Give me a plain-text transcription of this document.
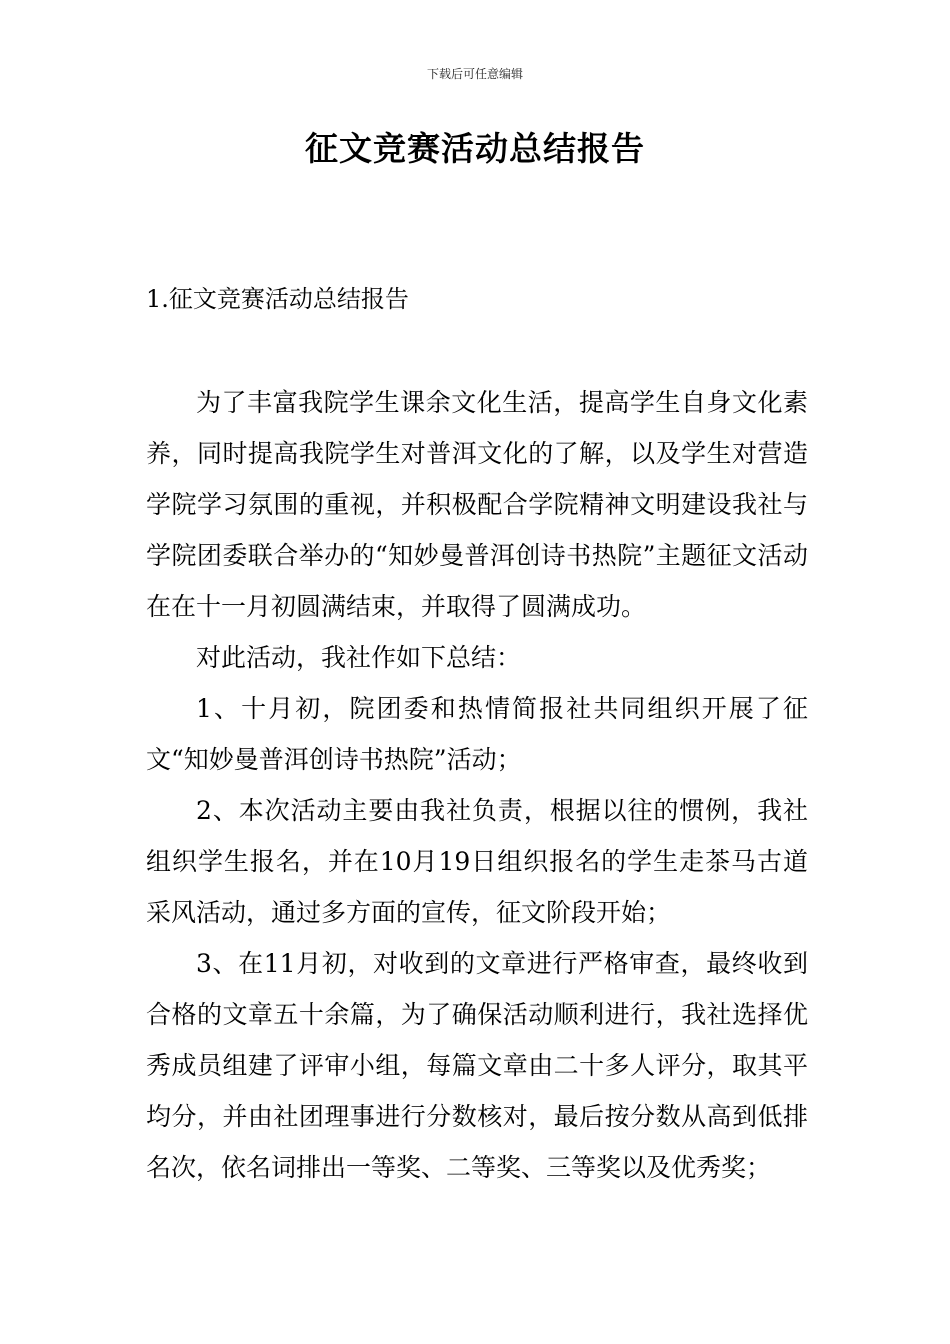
下载后可任意编辑
征文竞赛活动总结报告
1.征文竞赛活动总结报告

为了丰富我院学生课余文化生活，提高学生自身文化素养，同时提高我院学生对普洱文化的了解，以及学生对营造学院学习氛围的重视，并积极配合学院精神文明建设我社与学院团委联合举办的“知妙曼普洱创诗书热院”主题征文活动在在十一月初圆满结束，并取得了圆满成功。

对此活动，我社作如下总结：

1、十月初，院团委和热情简报社共同组织开展了征文“知妙曼普洱创诗书热院”活动；

2、本次活动主要由我社负责，根据以往的惯例，我社组织学生报名，并在10月19日组织报名的学生走茶马古道采风活动，通过多方面的宣传，征文阶段开始；

3、在11月初，对收到的文章进行严格审查，最终收到合格的文章五十余篇，为了确保活动顺利进行，我社选择优秀成员组建了评审小组，每篇文章由二十多人评分，取其平均分，并由社团理事进行分数核对，最后按分数从高到低排名次，依名词排出一等奖、二等奖、三等奖以及优秀奖；
